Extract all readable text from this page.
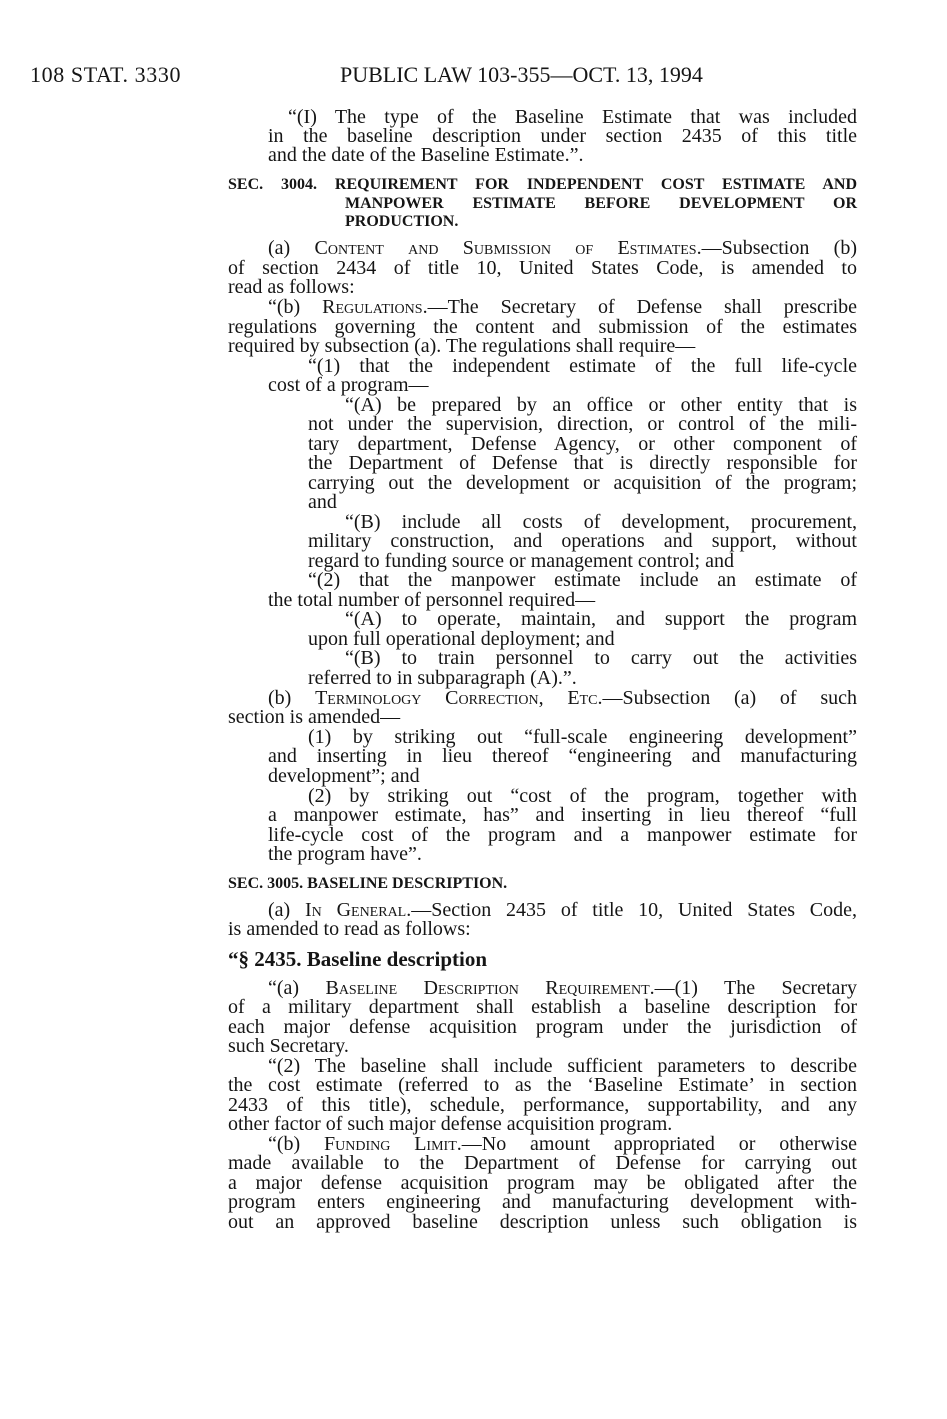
108 STAT. 3330	PUBLIC LAW 103-355—OCT. 13, 1994
“(I) The type of the Baseline Estimate that was included
in the baseline description under section 2435 of this title
and the date of the Baseline Estimate.”.
SEC. 3004. REQUIREMENT FOR INDEPENDENT COST ESTIMATE AND
MANPOWER ESTIMATE BEFORE DEVELOPMENT OR
PRODUCTION.
(a) Content and Submission of Estimates.—Subsection (b)
of section 2434 of title 10, United States Code, is amended to
read as follows:
“(b) Regulations.—The Secretary of Defense shall prescribe
regulations governing the content and submission of the estimates
required by subsection (a). The regulations shall require—
“(1) that the independent estimate of the full life-cycle
cost of a program—
“(A) be prepared by an office or other entity that is
not under the supervision, direction, or control of the mili-
tary department, Defense Agency, or other component of
the Department of Defense that is directly responsible for
carrying out the development or acquisition of the program;
and
“(B) include all costs of development, procurement,
military construction, and operations and support, without
regard to funding source or management control; and
“(2) that the manpower estimate include an estimate of
the total number of personnel required—
“(A) to operate, maintain, and support the program
upon full operational deployment; and
“(B) to train personnel to carry out the activities
referred to in subparagraph (A).”.
(b) Terminology Correction, Etc.—Subsection (a) of such
section is amended—
(1) by striking out “full-scale engineering development”
and inserting in lieu thereof “engineering and manufacturing
development”; and
(2) by striking out “cost of the program, together with
a manpower estimate, has” and inserting in lieu thereof “full
life-cycle cost of the program and a manpower estimate for
the program have”.
SEC. 3005. BASELINE DESCRIPTION.
(a) In General.—Section 2435 of title 10, United States Code,
is amended to read as follows:
“§ 2435. Baseline description
“(a) Baseline Description Requirement.—(1) The Secretary
of a military department shall establish a baseline description for
each major defense acquisition program under the jurisdiction of
such Secretary.
“(2) The baseline shall include sufficient parameters to describe
the cost estimate (referred to as the ‘Baseline Estimate’ in section
2433 of this title), schedule, performance, supportability, and any
other factor of such major defense acquisition program.
“(b) Funding Limit.—No amount appropriated or otherwise
made available to the Department of Defense for carrying out
a major defense acquisition program may be obligated after the
program enters engineering and manufacturing development with-
out an approved baseline description unless such obligation is
